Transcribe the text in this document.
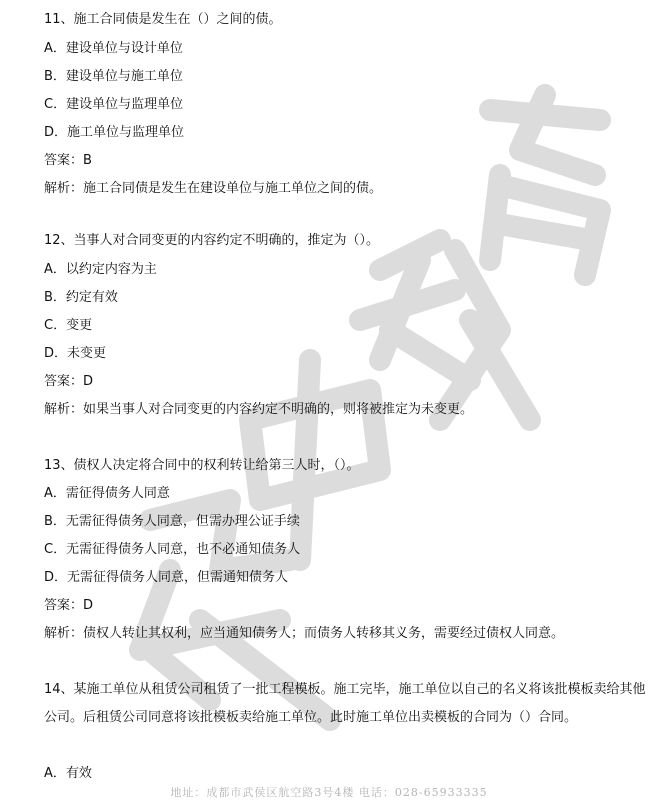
11、施工合同债是发生在（）之间的债。
A．建设单位与设计单位
B．建设单位与施工单位
C．建设单位与监理单位
D．施工单位与监理单位
答案：B
解析：施工合同债是发生在建设单位与施工单位之间的债。
12、当事人对合同变更的内容约定不明确的，推定为（）。
A．以约定内容为主
B．约定有效
C．变更
D．未变更
答案：D
解析：如果当事人对合同变更的内容约定不明确的，则将被推定为未变更。
13、债权人决定将合同中的权利转让给第三人时，（）。
A．需征得债务人同意
B．无需征得债务人同意，但需办理公证手续
C．无需征得债务人同意，也不必通知债务人
D．无需征得债务人同意，但需通知债务人
答案：D
解析：债权人转让其权利，应当通知债务人；而债务人转移其义务，需要经过债权人同意。
14、某施工单位从租赁公司租赁了一批工程模板。施工完毕，施工单位以自己的名义将该批模板卖给其他公司。后租赁公司同意将该批模板卖给施工单位。此时施工单位出卖模板的合同为（）合同。
A．有效
地址：成都市武侯区航空路3号4楼 电话：028-65933335
